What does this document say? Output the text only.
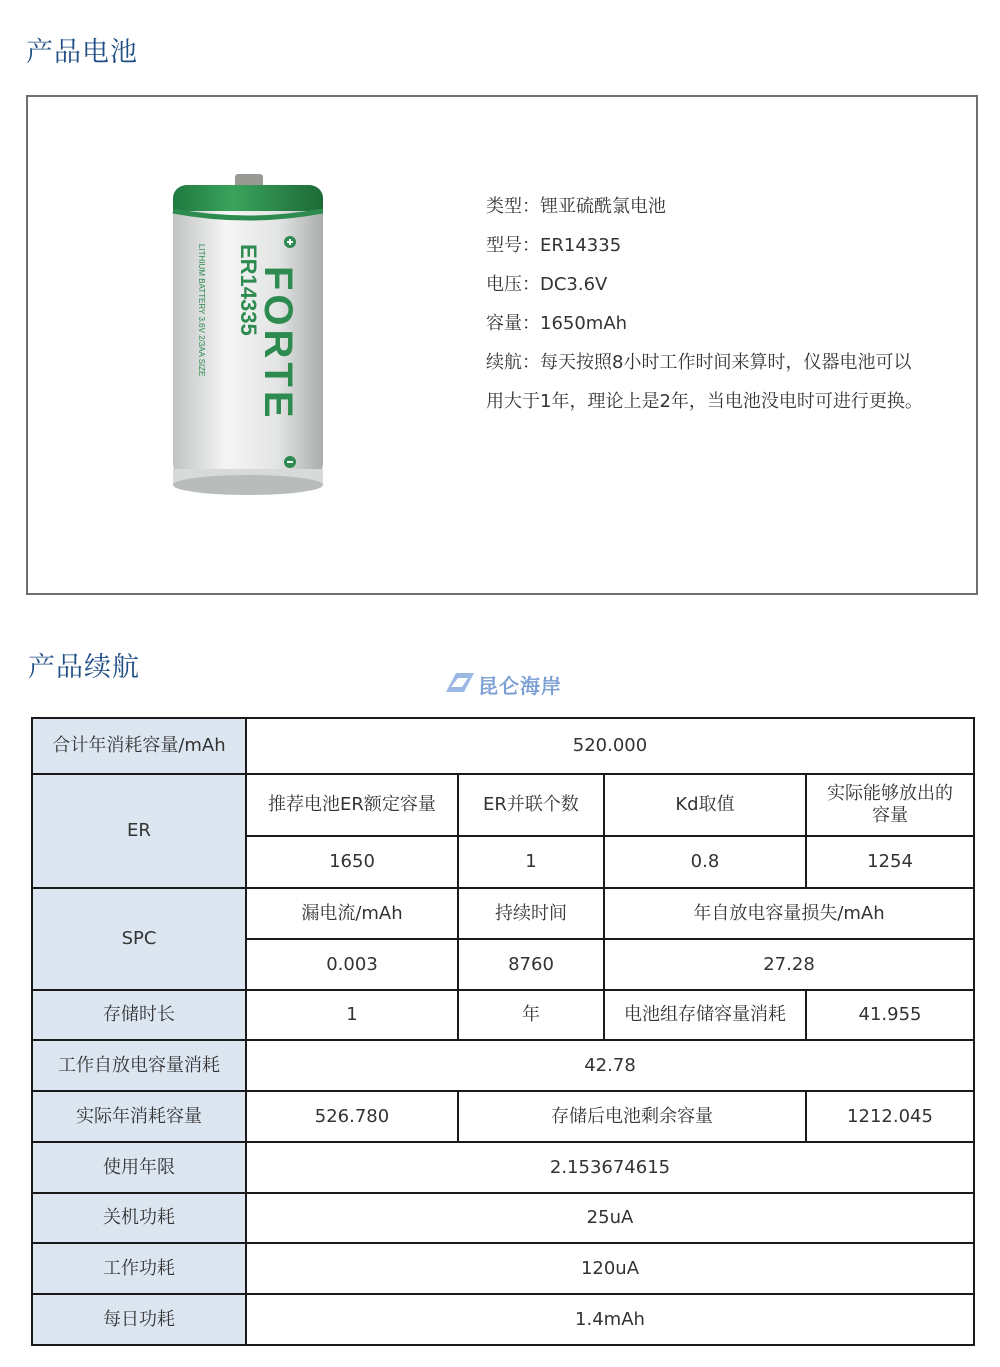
产品电池
ER14335
FORTE
LITHIUM BATTERY 3.6V 2/3AA SIZE
类型：锂亚硫酰氯电池
型号：ER14335
电压：DC3.6V
容量：1650mAh
续航：每天按照8小时工作时间来算时，仪器电池可以用大于1年，理论上是2年，当电池没电时可进行更换。
产品续航
昆仑海岸
合计年消耗容量/mAh	520.000			
ER	推荐电池ER额定容量	ER并联个数	Kd取值	实际能够放出的容量
	1650	1	0.8	1254
SPC	漏电流/mAh	持续时间	年自放电容量损失/mAh	
	0.003	8760	27.28	
存储时长	1	年	电池组存储容量消耗	41.955
工作自放电容量消耗	42.78			
实际年消耗容量	526.780	存储后电池剩余容量		1212.045
使用年限	2.153674615			
关机功耗	25uA			
工作功耗	120uA			
每日功耗	1.4mAh			
